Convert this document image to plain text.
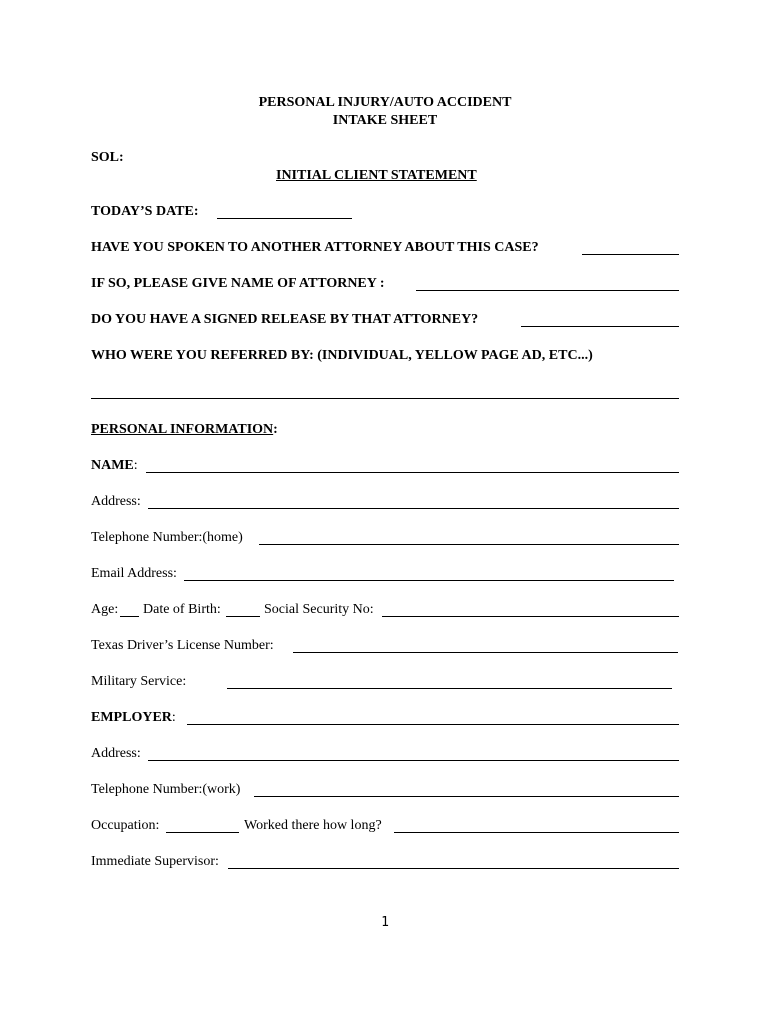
PERSONAL INJURY/AUTO ACCIDENT
INTAKE SHEET
SOL:
INITIAL CLIENT STATEMENT
TODAY’S DATE:
HAVE YOU SPOKEN TO ANOTHER ATTORNEY ABOUT THIS CASE?
IF SO, PLEASE GIVE NAME OF ATTORNEY :
DO YOU HAVE A SIGNED RELEASE BY THAT ATTORNEY?
WHO WERE YOU REFERRED BY: (INDIVIDUAL, YELLOW PAGE AD, ETC...)
PERSONAL INFORMATION:
NAME:
Address:
Telephone Number:(home)
Email Address:
Age: Date of Birth:	Social Security No:
Texas Driver’s License Number:
Military Service:
EMPLOYER:
Address:
Telephone Number:(work)
Occupation:	Worked there how long?
Immediate Supervisor:
1
